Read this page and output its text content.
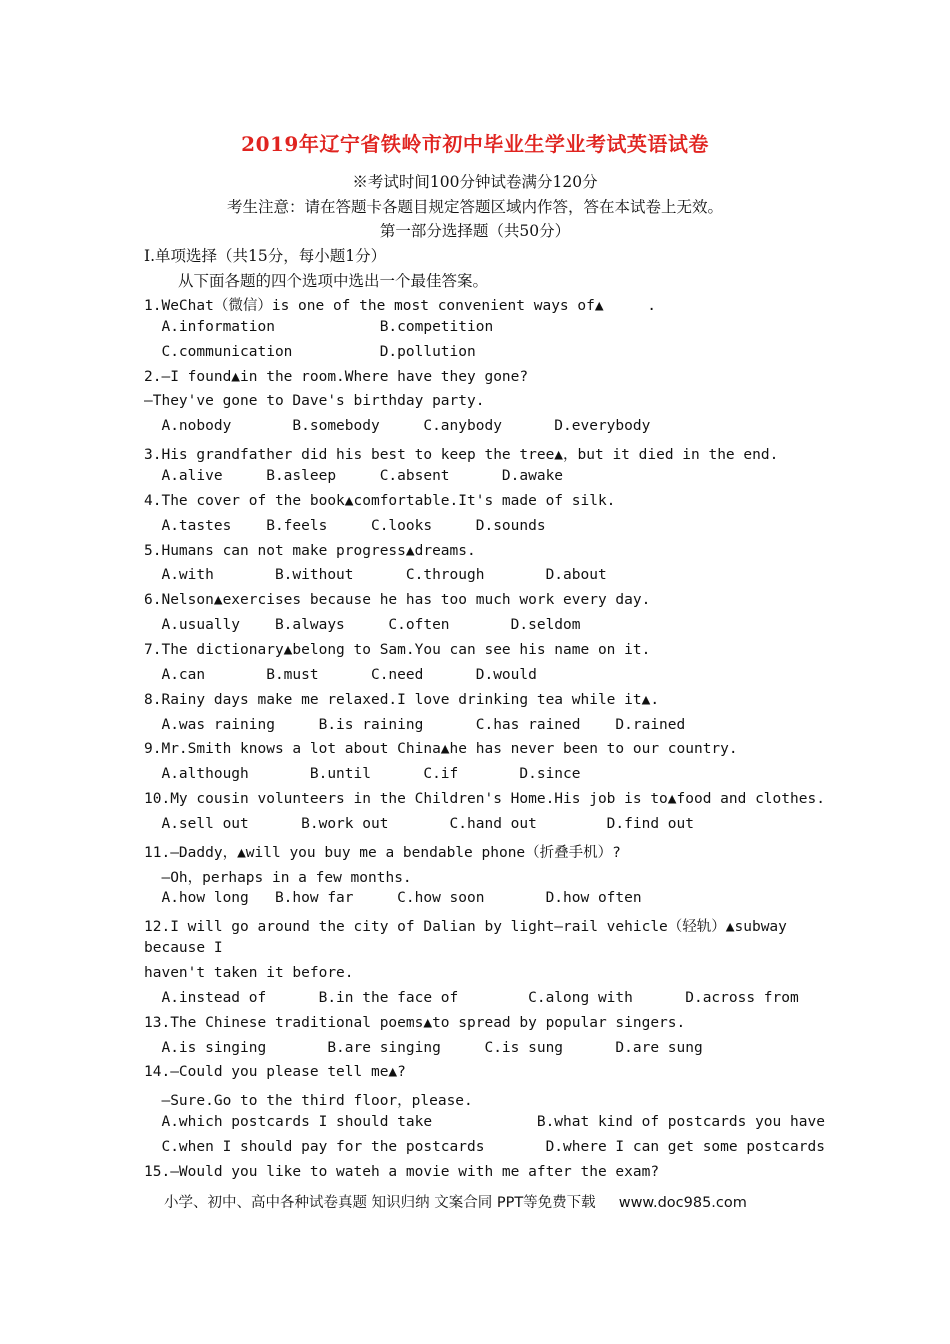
2019年辽宁省铁岭市初中毕业生学业考试英语试卷
※考试时间100分钟试卷满分120分
考生注意：请在答题卡各题目规定答题区域内作答，答在本试卷上无效。
第一部分选择题（共50分）
I.单项选择（共15分，每小题1分）
从下面各题的四个选项中选出一个最佳答案。
1.WeChat（微信）is one of the most convenient ways of▲     .
A.information            B.competition
C.communication          D.pollution
2.—I found▲in the room.Where have they gone?
—They've gone to Dave's birthday party.
A.nobody       B.somebody     C.anybody      D.everybody
3.His grandfather did his best to keep the tree▲，but it died in the end.
A.alive     B.asleep     C.absent      D.awake
4.The cover of the book▲comfortable.It's made of silk.
A.tastes    B.feels     C.looks     D.sounds
5.Humans can not make progress▲dreams.
A.with       B.without      C.through       D.about
6.Nelson▲exercises because he has too much work every day.
A.usually    B.always     C.often       D.seldom
7.The dictionary▲belong to Sam.You can see his name on it.
A.can       B.must      C.need      D.would
8.Rainy days make me relaxed.I love drinking tea while it▲.
A.was raining     B.is raining      C.has rained    D.rained
9.Mr.Smith knows a lot about China▲he has never been to our country.
A.although       B.until      C.if       D.since
10.My cousin volunteers in the Children's Home.His job is to▲food and clothes.
A.sell out      B.work out       C.hand out        D.find out
11.—Daddy，▲will you buy me a bendable phone（折叠手机）?
—Oh，perhaps in a few months.
A.how long   B.how far     C.how soon       D.how often
12.I will go around the city of Dalian by light—rail vehicle（轻轨）▲subway
because I
haven't taken it before.
A.instead of      B.in the face of        C.along with      D.across from
13.The Chinese traditional poems▲to spread by popular singers.
A.is singing       B.are singing     C.is sung      D.are sung
14.—Could you please tell me▲?
—Sure.Go to the third floor，please.
A.which postcards I should take            B.what kind of postcards you have
C.when I should pay for the postcards       D.where I can get some postcards
15.—Would you like to wateh a movie with me after the exam?
小学、初中、高中各种试卷真题 知识归纳 文案合同 PPT等免费下载     www.doc985.com
